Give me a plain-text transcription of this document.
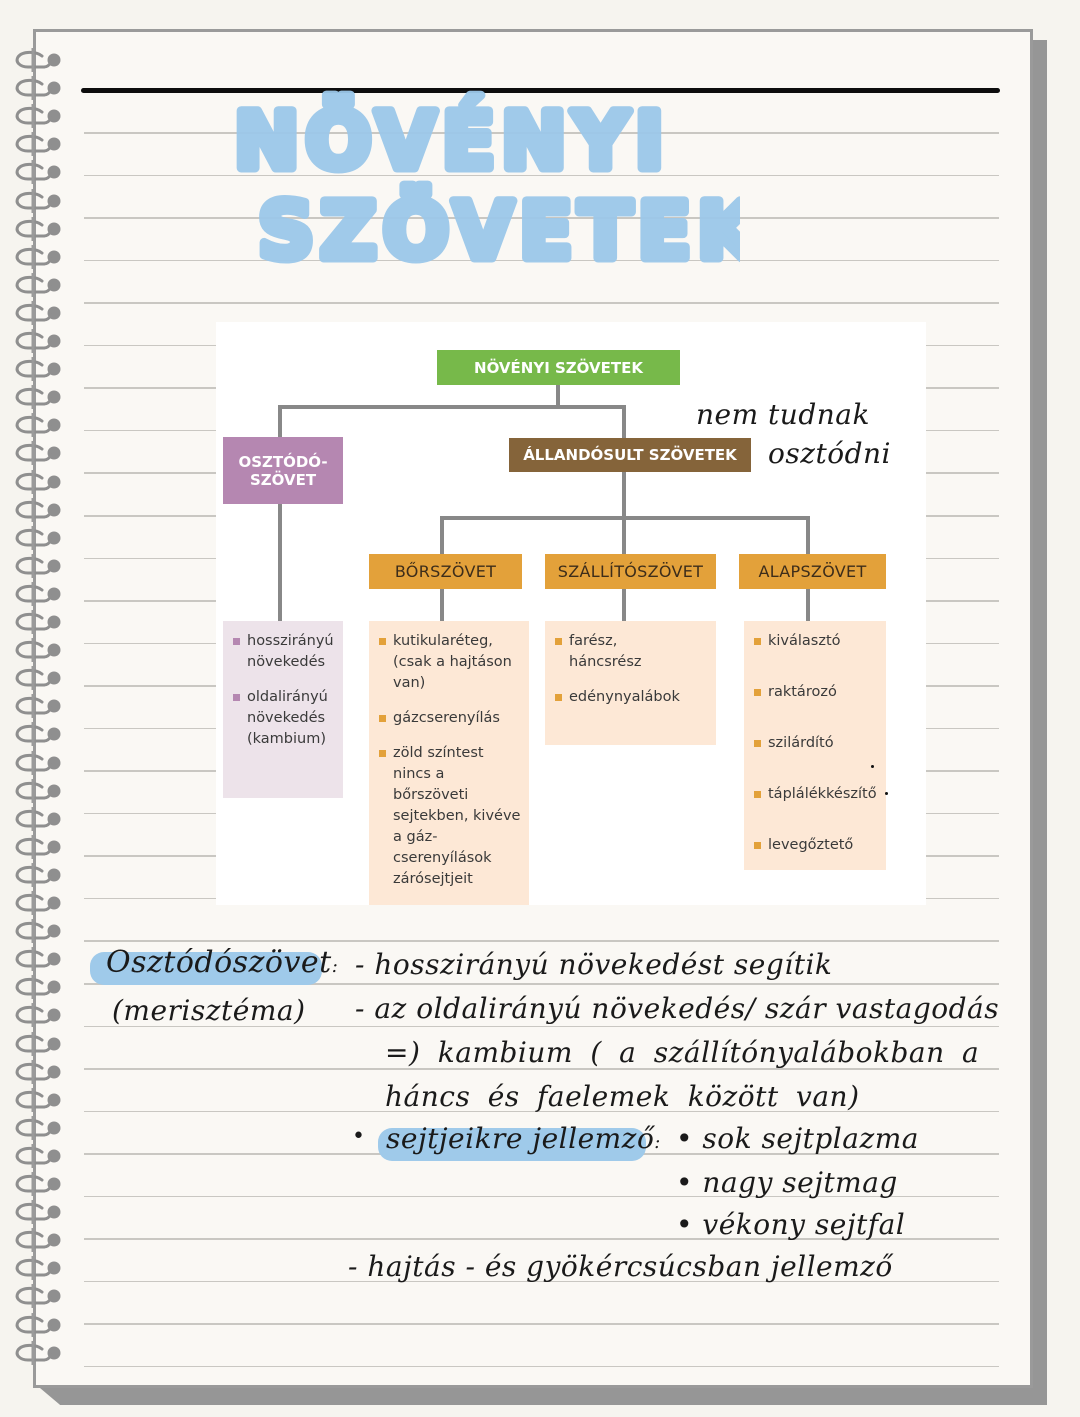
NÖVÉNYI
SZÖVETEK
NÖVÉNYI SZÖVETEK
OSZTÓDÓ-
SZÖVET
ÁLLANDÓSULT SZÖVETEK
BŐRSZÖVET	SZÁLLÍTÓSZÖVET	ALAPSZÖVET
hosszirányú
növekedés
oldalirányú
növekedés
(kambium)
kutikularéteg, (csak a hajtáson van)
gázcserenyílás
zöld színtest nincs a bőrszöveti sejtekben, kivéve a gáz-cserenyílások zárósejtjeit
farész, háncsrész
edénynyalábok
kiválasztó
raktározó
szilárdító
táplálékkészítő
levegőztető
nem tudnak
osztódni
Osztódószövet:
(merisztéma)
- hosszirányú növekedést segítik
- az oldalirányú növekedés/ szár vastagodás
=) kambium ( a szállítónyalábokban a
háncs és faelemek között van)
• sejtjeikre jellemző: • sok sejtplazma
• nagy sejtmag
• vékony sejtfal
- hajtás - és gyökércsúcsban jellemző
